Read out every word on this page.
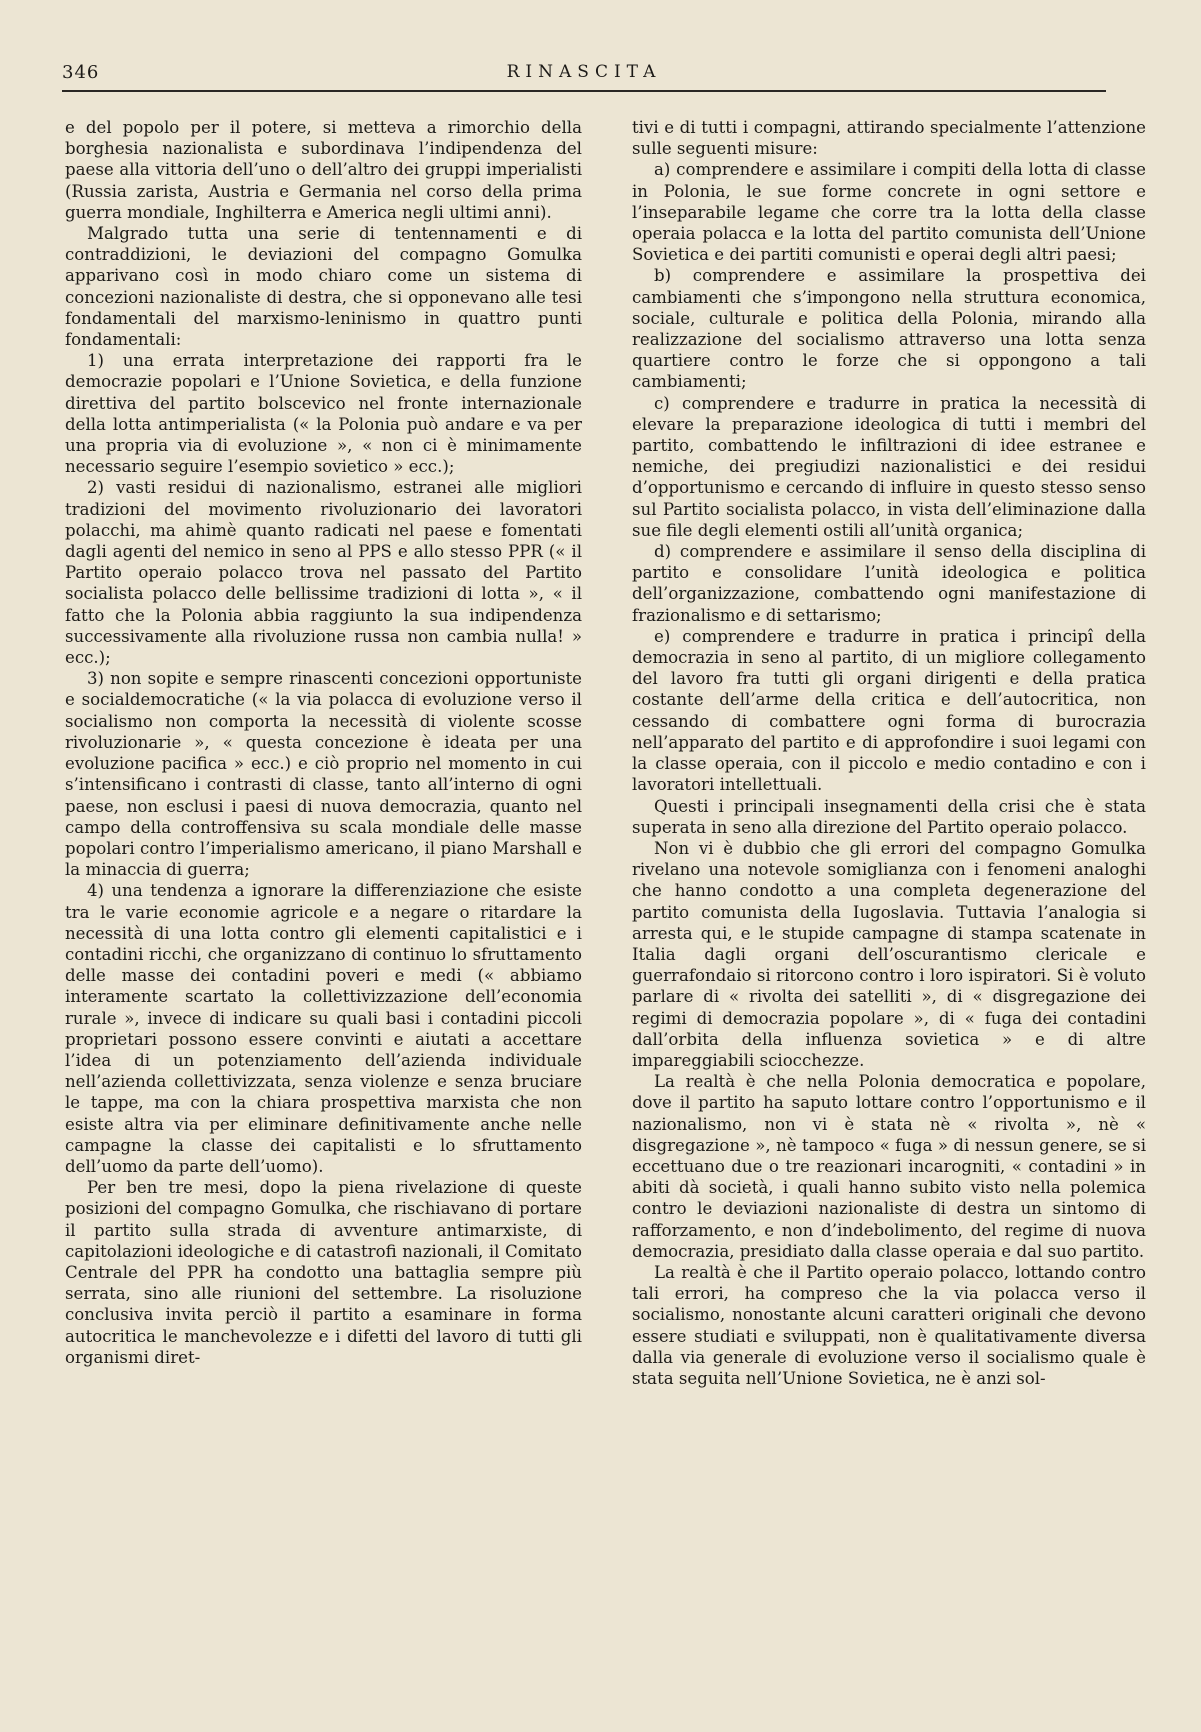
346	RINASCITA

e del popolo per il potere, si metteva a rimorchio della borghesia nazionalista e subordinava l’indipendenza del paese alla vittoria dell’uno o dell’altro dei gruppi imperialisti (Russia zarista, Austria e Germania nel corso della prima guerra mondiale, Inghilterra e America negli ultimi anni).

Malgrado tutta una serie di tentennamenti e di contraddizioni, le deviazioni del compagno Gomulka apparivano così in modo chiaro come un sistema di concezioni nazionaliste di destra, che si opponevano alle tesi fondamentali del marxismo-leninismo in quattro punti fondamentali:

1) una errata interpretazione dei rapporti fra le democrazie popolari e l’Unione Sovietica, e della funzione direttiva del partito bolscevico nel fronte internazionale della lotta antimperialista (« la Polonia può andare e va per una propria via di evoluzione », « non ci è minimamente necessario seguire l’esempio sovietico » ecc.);

2) vasti residui di nazionalismo, estranei alle migliori tradizioni del movimento rivoluzionario dei lavoratori polacchi, ma ahimè quanto radicati nel paese e fomentati dagli agenti del nemico in seno al PPS e allo stesso PPR (« il Partito operaio polacco trova nel passato del Partito socialista polacco delle bellissime tradizioni di lotta », « il fatto che la Polonia abbia raggiunto la sua indipendenza successivamente alla rivoluzione russa non cambia nulla! » ecc.);

3) non sopite e sempre rinascenti concezioni opportuniste e socialdemocratiche (« la via polacca di evoluzione verso il socialismo non comporta la necessità di violente scosse rivoluzionarie », « questa concezione è ideata per una evoluzione pacifica » ecc.) e ciò proprio nel momento in cui s’intensificano i contrasti di classe, tanto all’interno di ogni paese, non esclusi i paesi di nuova democrazia, quanto nel campo della controffensiva su scala mondiale delle masse popolari contro l’imperialismo americano, il piano Marshall e la minaccia di guerra;

4) una tendenza a ignorare la differenziazione che esiste tra le varie economie agricole e a negare o ritardare la necessità di una lotta contro gli elementi capitalistici e i contadini ricchi, che organizzano di continuo lo sfruttamento delle masse dei contadini poveri e medi (« abbiamo interamente scartato la collettivizzazione dell’economia rurale », invece di indicare su quali basi i contadini piccoli proprietari possono essere convinti e aiutati a accettare l’idea di un potenziamento dell’azienda individuale nell’azienda collettivizzata, senza violenze e senza bruciare le tappe, ma con la chiara prospettiva marxista che non esiste altra via per eliminare definitivamente anche nelle campagne la classe dei capitalisti e lo sfruttamento dell’uomo da parte dell’uomo).

Per ben tre mesi, dopo la piena rivelazione di queste posizioni del compagno Gomulka, che rischiavano di portare il partito sulla strada di avventure antimarxiste, di capitolazioni ideologiche e di catastrofi nazionali, il Comitato Centrale del PPR ha condotto una battaglia sempre più serrata, sino alle riunioni del settembre. La risoluzione conclusiva invita perciò il partito a esaminare in forma autocritica le manchevolezze e i difetti del lavoro di tutti gli organismi diret-

tivi e di tutti i compagni, attirando specialmente l’attenzione sulle seguenti misure:

a) comprendere e assimilare i compiti della lotta di classe in Polonia, le sue forme concrete in ogni settore e l’inseparabile legame che corre tra la lotta della classe operaia polacca e la lotta del partito comunista dell’Unione Sovietica e dei partiti comunisti e operai degli altri paesi;

b) comprendere e assimilare la prospettiva dei cambiamenti che s’impongono nella struttura economica, sociale, culturale e politica della Polonia, mirando alla realizzazione del socialismo attraverso una lotta senza quartiere contro le forze che si oppongono a tali cambiamenti;

c) comprendere e tradurre in pratica la necessità di elevare la preparazione ideologica di tutti i membri del partito, combattendo le infiltrazioni di idee estranee e nemiche, dei pregiudizi nazionalistici e dei residui d’opportunismo e cercando di influire in questo stesso senso sul Partito socialista polacco, in vista dell’eliminazione dalla sue file degli elementi ostili all’unità organica;

d) comprendere e assimilare il senso della disciplina di partito e consolidare l’unità ideologica e politica dell’organizzazione, combattendo ogni manifestazione di frazionalismo e di settarismo;

e) comprendere e tradurre in pratica i principî della democrazia in seno al partito, di un migliore collegamento del lavoro fra tutti gli organi dirigenti e della pratica costante dell’arme della critica e dell’autocritica, non cessando di combattere ogni forma di burocrazia nell’apparato del partito e di approfondire i suoi legami con la classe operaia, con il piccolo e medio contadino e con i lavoratori intellettuali.

Questi i principali insegnamenti della crisi che è stata superata in seno alla direzione del Partito operaio polacco.

Non vi è dubbio che gli errori del compagno Gomulka rivelano una notevole somiglianza con i fenomeni analoghi che hanno condotto a una completa degenerazione del partito comunista della Iugoslavia. Tuttavia l’analogia si arresta qui, e le stupide campagne di stampa scatenate in Italia dagli organi dell’oscurantismo clericale e guerrafondaio si ritorcono contro i loro ispiratori. Si è voluto parlare di « rivolta dei satelliti », di « disgregazione dei regimi di democrazia popolare », di « fuga dei contadini dall’orbita della influenza sovietica » e di altre impareggiabili sciocchezze.

La realtà è che nella Polonia democratica e popolare, dove il partito ha saputo lottare contro l’opportunismo e il nazionalismo, non vi è stata nè « rivolta », nè « disgregazione », nè tampoco « fuga » di nessun genere, se si eccettuano due o tre reazionari incarogniti, « contadini » in abiti dà società, i quali hanno subito visto nella polemica contro le deviazioni nazionaliste di destra un sintomo di rafforzamento, e non d’indebolimento, del regime di nuova democrazia, presidiato dalla classe operaia e dal suo partito.

La realtà è che il Partito operaio polacco, lottando contro tali errori, ha compreso che la via polacca verso il socialismo, nonostante alcuni caratteri originali che devono essere studiati e sviluppati, non è qualitativamente diversa dalla via generale di evoluzione verso il socialismo quale è stata seguita nell’Unione Sovietica, ne è anzi sol-
